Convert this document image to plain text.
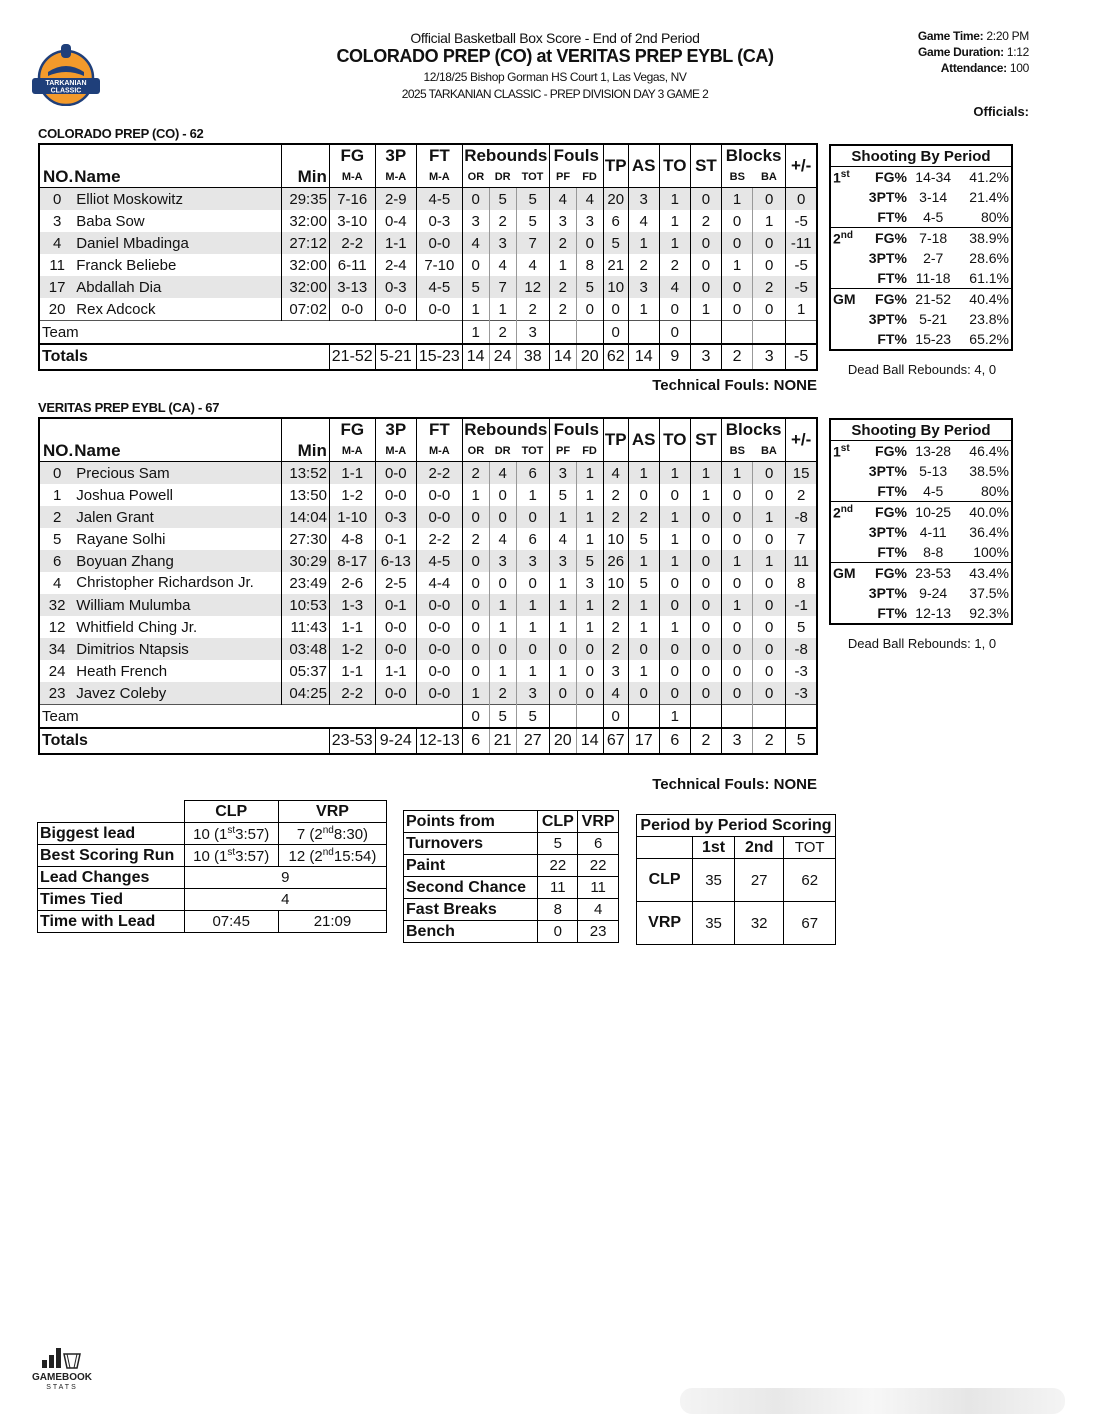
TARKANIAN
CLASSIC
Official Basketball Box Score - End of 2nd Period
COLORADO PREP (CO) at VERITAS PREP EYBL (CA)
12/18/25 Bishop Gorman HS Court 1, Las Vegas, NV
2025 TARKANIAN CLASSIC - PREP DIVISION DAY 3 GAME 2
Game Time: 2:20 PM
Game Duration: 1:12
Attendance: 100
Officials:
COLORADO PREP (CO) - 62
			FG	3P	FT	Rebounds			Fouls		TP	AS	TO	ST	Blocks		+/-
NO.	Name	Min	M-A	M-A	M-A	OR	DR	TOT	PF	FD					BS	BA	
0	Elliot Moskowitz	29:35	7-16	2-9	4-5	0	5	5	4	4	20	3	1	0	1	0	0
3	Baba Sow	32:00	3-10	0-4	0-3	3	2	5	3	3	6	4	1	2	0	1	-5
4	Daniel Mbadinga	27:12	2-2	1-1	0-0	4	3	7	2	0	5	1	1	0	0	0	-11
11	Franck Beliebe	32:00	6-11	2-4	7-10	0	4	4	1	8	21	2	2	0	1	0	-5
17	Abdallah Dia	32:00	3-13	0-3	4-5	5	7	12	2	5	10	3	4	0	0	2	-5
20	Rex Adcock	07:02	0-0	0-0	0-0	1	1	2	2	0	0	1	0	1	0	0	1
Team						1	2	3			0		0				
Totals			21-52	5-21	15-23	14	24	38	14	20	62	14	9	3	2	3	-5
Shooting By Period			
1st	FG%	14-34	41.2%
	3PT%	3-14	21.4%
	FT%	4-5	80%
2nd	FG%	7-18	38.9%
	3PT%	2-7	28.6%
	FT%	11-18	61.1%
GM	FG%	21-52	40.4%
	3PT%	5-21	23.8%
	FT%	15-23	65.2%
Dead Ball Rebounds: 4, 0
Technical Fouls: NONE
VERITAS PREP EYBL (CA) - 67
			FG	3P	FT	Rebounds			Fouls		TP	AS	TO	ST	Blocks		+/-
NO.	Name	Min	M-A	M-A	M-A	OR	DR	TOT	PF	FD					BS	BA	
0	Precious Sam	13:52	1-1	0-0	2-2	2	4	6	3	1	4	1	1	1	1	0	15
1	Joshua Powell	13:50	1-2	0-0	0-0	1	0	1	5	1	2	0	0	1	0	0	2
2	Jalen Grant	14:04	1-10	0-3	0-0	0	0	0	1	1	2	2	1	0	0	1	-8
5	Rayane Solhi	27:30	4-8	0-1	2-2	2	4	6	4	1	10	5	1	0	0	0	7
6	Boyuan Zhang	30:29	8-17	6-13	4-5	0	3	3	3	5	26	1	1	0	1	1	11
4	Christopher Richardson Jr.	23:49	2-6	2-5	4-4	0	0	0	1	3	10	5	0	0	0	0	8
32	William Mulumba	10:53	1-3	0-1	0-0	0	1	1	1	1	2	1	0	0	1	0	-1
12	Whitfield Ching Jr.	11:43	1-1	0-0	0-0	0	1	1	1	1	2	1	1	0	0	0	5
34	Dimitrios Ntapsis	03:48	1-2	0-0	0-0	0	0	0	0	0	2	0	0	0	0	0	-8
24	Heath French	05:37	1-1	1-1	0-0	0	1	1	1	0	3	1	0	0	0	0	-3
23	Javez Coleby	04:25	2-2	0-0	0-0	1	2	3	0	0	4	0	0	0	0	0	-3
Team						0	5	5			0		1				
Totals			23-53	9-24	12-13	6	21	27	20	14	67	17	6	2	3	2	5
Shooting By Period			
1st	FG%	13-28	46.4%
	3PT%	5-13	38.5%
	FT%	4-5	80%
2nd	FG%	10-25	40.0%
	3PT%	4-11	36.4%
	FT%	8-8	100%
GM	FG%	23-53	43.4%
	3PT%	9-24	37.5%
	FT%	12-13	92.3%
Dead Ball Rebounds: 1, 0
Technical Fouls: NONE
	CLP	VRP
Biggest lead	10 (1st3:57)	7 (2nd8:30)
Best Scoring Run	10 (1st3:57)	12 (2nd15:54)
Lead Changes	9	
Times Tied	4	
Time with Lead	07:45	21:09
Points from	CLP	VRP
Turnovers	5	6
Paint	22	22
Second Chance	11	11
Fast Breaks	8	4
Bench	0	23
Period by Period Scoring			
	1st	2nd	TOT
CLP	35	27	62
VRP	35	32	67
GAMEBOOK
STATS
